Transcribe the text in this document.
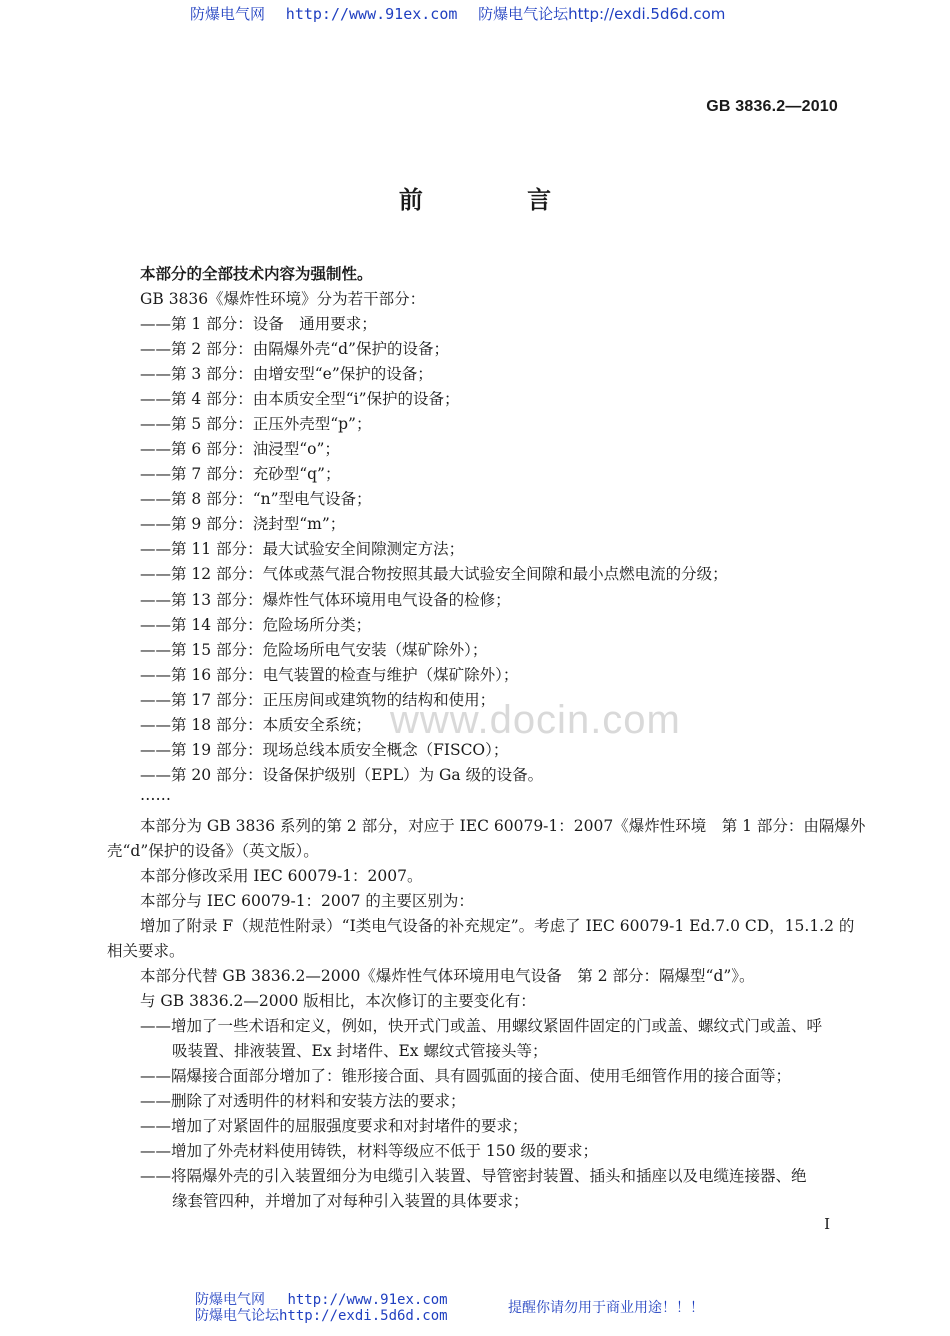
防爆电气网 http://www.91ex.com 防爆电气论坛http://exdi.5d6d.com
GB 3836.2—2010
前 言
www.docin.com
本部分的全部技术内容为强制性。
GB 3836《爆炸性环境》分为若干部分：
——第 1 部分：设备　通用要求；
——第 2 部分：由隔爆外壳“d”保护的设备；
——第 3 部分：由增安型“e”保护的设备；
——第 4 部分：由本质安全型“i”保护的设备；
——第 5 部分：正压外壳型“p”；
——第 6 部分：油浸型“o”；
——第 7 部分：充砂型“q”；
——第 8 部分：“n”型电气设备；
——第 9 部分：浇封型“m”；
——第 11 部分：最大试验安全间隙测定方法；
——第 12 部分：气体或蒸气混合物按照其最大试验安全间隙和最小点燃电流的分级；
——第 13 部分：爆炸性气体环境用电气设备的检修；
——第 14 部分：危险场所分类；
——第 15 部分：危险场所电气安装（煤矿除外）；
——第 16 部分：电气装置的检查与维护（煤矿除外）；
——第 17 部分：正压房间或建筑物的结构和使用；
——第 18 部分：本质安全系统；
——第 19 部分：现场总线本质安全概念（FISCO）；
——第 20 部分：设备保护级别（EPL）为 Ga 级的设备。
……
本部分为 GB 3836 系列的第 2 部分，对应于 IEC 60079-1：2007《爆炸性环境　第 1 部分：由隔爆外
壳“d”保护的设备》（英文版）。
本部分修改采用 IEC 60079-1：2007。
本部分与 IEC 60079-1：2007 的主要区别为：
增加了附录 F（规范性附录）“I类电气设备的补充规定”。考虑了 IEC 60079-1 Ed.7.0 CD，15.1.2 的
相关要求。
本部分代替 GB 3836.2—2000《爆炸性气体环境用电气设备　第 2 部分：隔爆型“d”》。
与 GB 3836.2—2000 版相比，本次修订的主要变化有：
——增加了一些术语和定义，例如，快开式门或盖、用螺纹紧固件固定的门或盖、螺纹式门或盖、呼
吸装置、排液装置、Ex 封堵件、Ex 螺纹式管接头等；
——隔爆接合面部分增加了：锥形接合面、具有圆弧面的接合面、使用毛细管作用的接合面等；
——删除了对透明件的材料和安装方法的要求；
——增加了对紧固件的屈服强度要求和对封堵件的要求；
——增加了外壳材料使用铸铁，材料等级应不低于 150 级的要求；
——将隔爆外壳的引入装置细分为电缆引入装置、导管密封装置、插头和插座以及电缆连接器、绝
缘套管四种，并增加了对每种引入装置的具体要求；
I
防爆电气网 http://www.91ex.com
防爆电气论坛http://exdi.5d6d.com	提醒你请勿用于商业用途！！！
